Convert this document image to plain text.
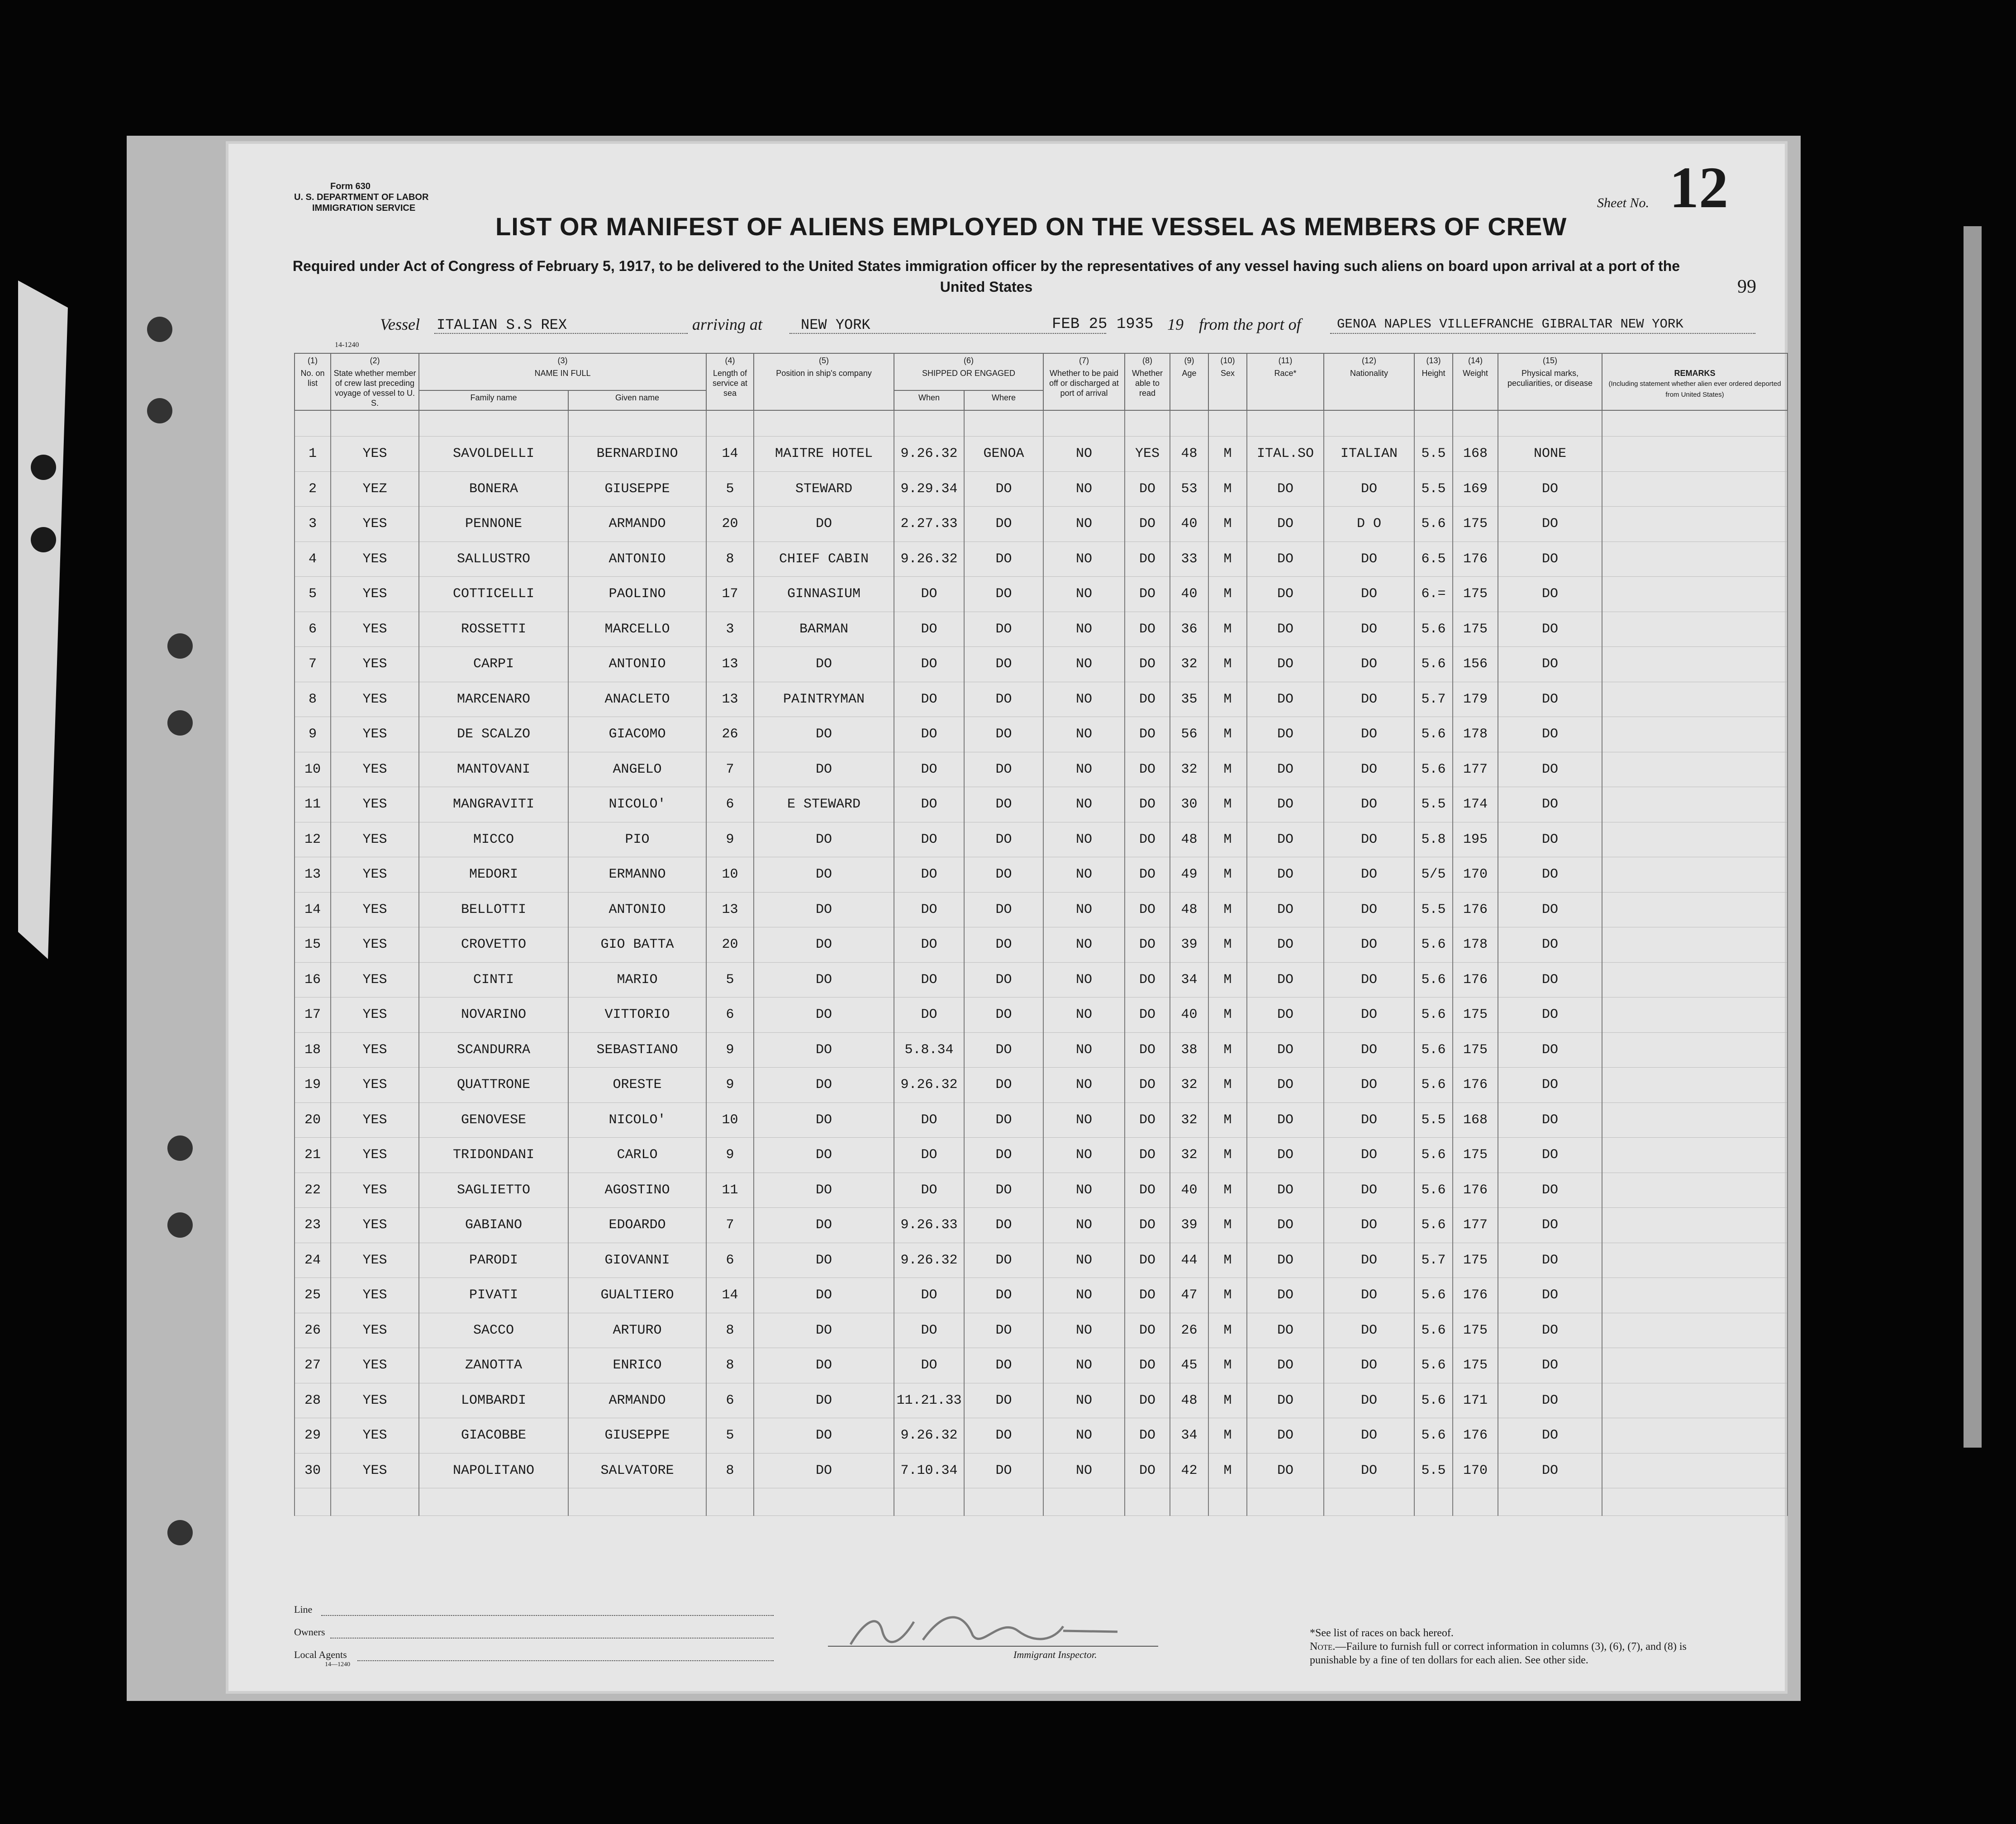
Form 630
U. S. DEPARTMENT OF LABOR
IMMIGRATION SERVICE	Sheet No. 12
LIST OR MANIFEST OF ALIENS EMPLOYED ON THE VESSEL AS MEMBERS OF CREW
Required under Act of Congress of February 5, 1917, to be delivered to the United States immigration officer by the representatives of any vessel having such aliens on board upon arrival at a port of the United States	99
Vessel ITALIAN S.S REX	arriving at	NEW YORK	FEB 25 1935 19 from the port of	GENOA NAPLES VILLEFRANCHE GIBRALTAR NEW YORK
14-1240
(1)
No. on list	(2)
State whether member of crew last preceding voyage of vessel to U. S.	(3)
NAME IN FULL		(4)
Length of service at sea	(5)
Position in ship's company	(6)
SHIPPED OR ENGAGED		(7)
Whether to be paid off or discharged at port of arrival	(8)
Whether able to read	(9)
Age	(10)
Sex	(11)
Race*	(12)
Nationality	(13)
Height	(14)
Weight	(15)
Physical marks, peculiarities, or disease	REMARKS
(Including statement whether alien ever ordered deported from United States)
		Family name	Given name			When	Where										

1	YES	SAVOLDELLI	BERNARDINO	14	MAITRE HOTEL	9.26.32	GENOA	NO	YES	48	M	ITAL.SO	ITALIAN	5.5	168	NONE	
2	YEZ	BONERA	GIUSEPPE	5	STEWARD	9.29.34	DO	NO	DO	53	M	DO	DO	5.5	169	DO	
3	YES	PENNONE	ARMANDO	20	DO	2.27.33	DO	NO	DO	40	M	DO	D O	5.6	175	DO	
4	YES	SALLUSTRO	ANTONIO	8	CHIEF CABIN	9.26.32	DO	NO	DO	33	M	DO	DO	6.5	176	DO	
5	YES	COTTICELLI	PAOLINO	17	GINNASIUM	DO	DO	NO	DO	40	M	DO	DO	6.=	175	DO	
6	YES	ROSSETTI	MARCELLO	3	BARMAN	DO	DO	NO	DO	36	M	DO	DO	5.6	175	DO	
7	YES	CARPI	ANTONIO	13	DO	DO	DO	NO	DO	32	M	DO	DO	5.6	156	DO	
8	YES	MARCENARO	ANACLETO	13	PAINTRYMAN	DO	DO	NO	DO	35	M	DO	DO	5.7	179	DO	
9	YES	DE SCALZO	GIACOMO	26	DO	DO	DO	NO	DO	56	M	DO	DO	5.6	178	DO	
10	YES	MANTOVANI	ANGELO	7	DO	DO	DO	NO	DO	32	M	DO	DO	5.6	177	DO	
11	YES	MANGRAVITI	NICOLO'	6	E STEWARD	DO	DO	NO	DO	30	M	DO	DO	5.5	174	DO	
12	YES	MICCO	PIO	9	DO	DO	DO	NO	DO	48	M	DO	DO	5.8	195	DO	
13	YES	MEDORI	ERMANNO	10	DO	DO	DO	NO	DO	49	M	DO	DO	5/5	170	DO	
14	YES	BELLOTTI	ANTONIO	13	DO	DO	DO	NO	DO	48	M	DO	DO	5.5	176	DO	
15	YES	CROVETTO	GIO BATTA	20	DO	DO	DO	NO	DO	39	M	DO	DO	5.6	178	DO	
16	YES	CINTI	MARIO	5	DO	DO	DO	NO	DO	34	M	DO	DO	5.6	176	DO	
17	YES	NOVARINO	VITTORIO	6	DO	DO	DO	NO	DO	40	M	DO	DO	5.6	175	DO	
18	YES	SCANDURRA	SEBASTIANO	9	DO	5.8.34	DO	NO	DO	38	M	DO	DO	5.6	175	DO	
19	YES	QUATTRONE	ORESTE	9	DO	9.26.32	DO	NO	DO	32	M	DO	DO	5.6	176	DO	
20	YES	GENOVESE	NICOLO'	10	DO	DO	DO	NO	DO	32	M	DO	DO	5.5	168	DO	
21	YES	TRIDONDANI	CARLO	9	DO	DO	DO	NO	DO	32	M	DO	DO	5.6	175	DO	
22	YES	SAGLIETTO	AGOSTINO	11	DO	DO	DO	NO	DO	40	M	DO	DO	5.6	176	DO	
23	YES	GABIANO	EDOARDO	7	DO	9.26.33	DO	NO	DO	39	M	DO	DO	5.6	177	DO	
24	YES	PARODI	GIOVANNI	6	DO	9.26.32	DO	NO	DO	44	M	DO	DO	5.7	175	DO	
25	YES	PIVATI	GUALTIERO	14	DO	DO	DO	NO	DO	47	M	DO	DO	5.6	176	DO	
26	YES	SACCO	ARTURO	8	DO	DO	DO	NO	DO	26	M	DO	DO	5.6	175	DO	
27	YES	ZANOTTA	ENRICO	8	DO	DO	DO	NO	DO	45	M	DO	DO	5.6	175	DO	
28	YES	LOMBARDI	ARMANDO	6	DO	11.21.33	DO	NO	DO	48	M	DO	DO	5.6	171	DO	
29	YES	GIACOBBE	GIUSEPPE	5	DO	9.26.32	DO	NO	DO	34	M	DO	DO	5.6	176	DO	
30	YES	NAPOLITANO	SALVATORE	8	DO	7.10.34	DO	NO	DO	42	M	DO	DO	5.5	170	DO	

Line
Owners
Local Agents
14—1240
Immigrant Inspector.
*See list of races on back hereof.
Note.—Failure to furnish full or correct information in columns (3), (6), (7), and (8) is punishable by a fine of ten dollars for each alien. See other side.
